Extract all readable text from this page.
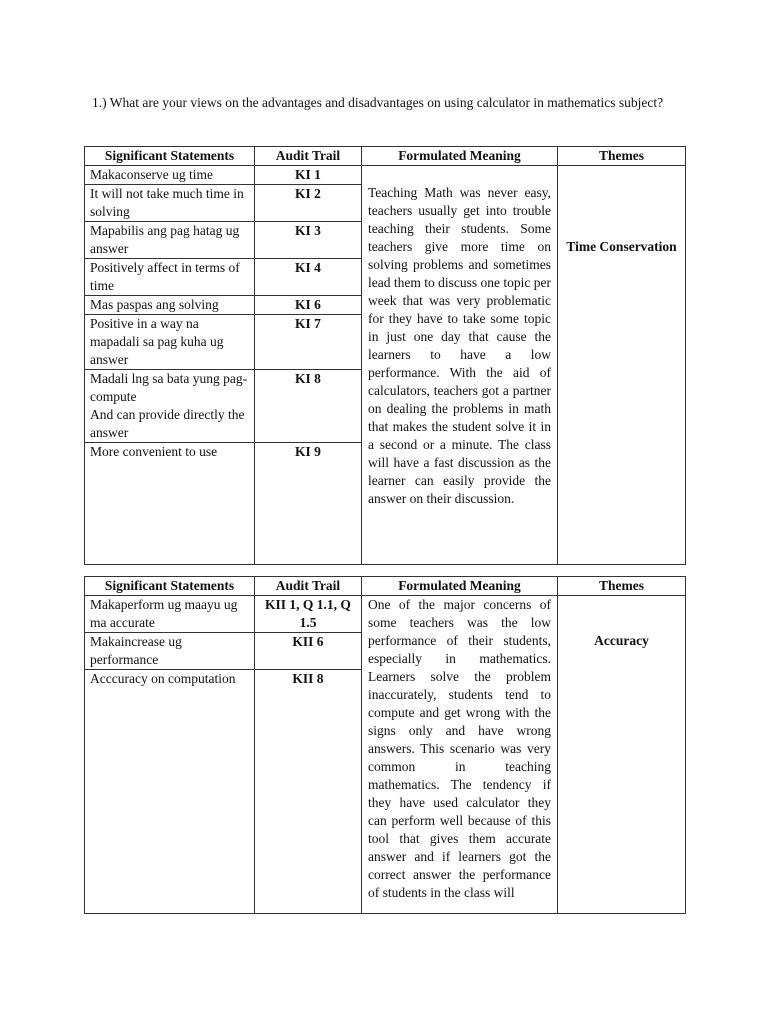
1.) What are your views on the advantages and disadvantages on using calculator in mathematics subject?
Significant Statements	Audit Trail	Formulated Meaning	Themes
Makaconserve ug time	KI 1	Teaching Math was never easy, teachers usually get into trouble teaching their students. Some teachers give more time on solving problems and sometimes lead them to discuss one topic per week that was very problematic for they have to take some topic in just one day that cause the learners to have a low performance. With the aid of calculators, teachers got a partner on dealing the problems in math that makes the student solve it in a second or a minute. The class will have a fast discussion as the learner can easily provide the answer on their discussion.	Time Conservation
It will not take much time in solving	KI 2		
Mapabilis ang pag hatag ug answer	KI 3		
Positively affect in terms of time	KI 4		
Mas paspas ang solving	KI 6		
Positive in a way na mapadali sa pag kuha ug answer	KI 7		

Madali lng sa bata yung pag- compute
And can provide directly the answer	KI 8		
More convenient to use	KI 9		
Significant Statements	Audit Trail	Formulated Meaning	Themes
Makaperform ug maayu ug ma accurate	KII 1, Q 1.1, Q 1.5	One of the major concerns of some teachers was the low performance of their students, especially in mathematics. Learners solve the problem inaccurately, students tend to compute and get wrong with the signs only and have wrong answers. This scenario was very common in teaching mathematics. The tendency if they have used calculator they can perform well because of this tool that gives them accurate answer and if learners got the correct answer the performance of students in the class will	Accuracy
Makaincrease ug performance	KII 6		
Acccuracy on computation	KII 8		
